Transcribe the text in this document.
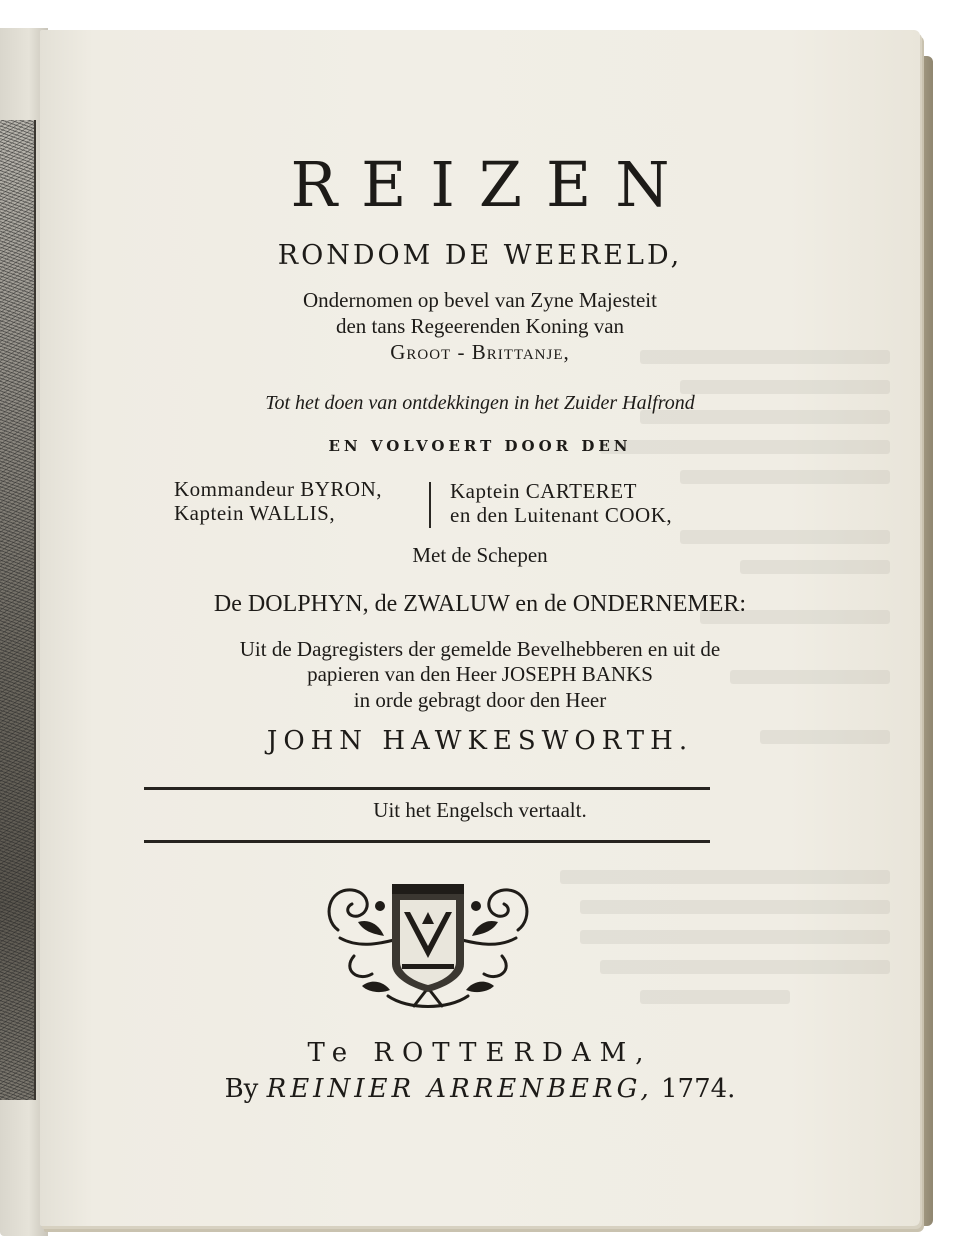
REIZEN
RONDOM DE WEERELD,
Ondernomen op bevel van Zyne Majesteit
den tans Regeerenden Koning van
Groot - Brittanje,
Tot het doen van ontdekkingen in het Zuider Halfrond
EN VOLVOERT DOOR DEN
Kommandeur BYRON,
Kaptein WALLIS,
Kaptein CARTERET
en den Luitenant COOK,
Met de Schepen
De DOLPHYN, de ZWALUW en de ONDERNEMER:
Uit de Dagregisters der gemelde Bevelhebberen en uit de
papieren van den Heer JOSEPH BANKS
in orde gebragt door den Heer
JOHN HAWKESWORTH.
Uit het Engelsch vertaalt.
Te ROTTERDAM,
By REINIER ARRENBERG, 1774.
